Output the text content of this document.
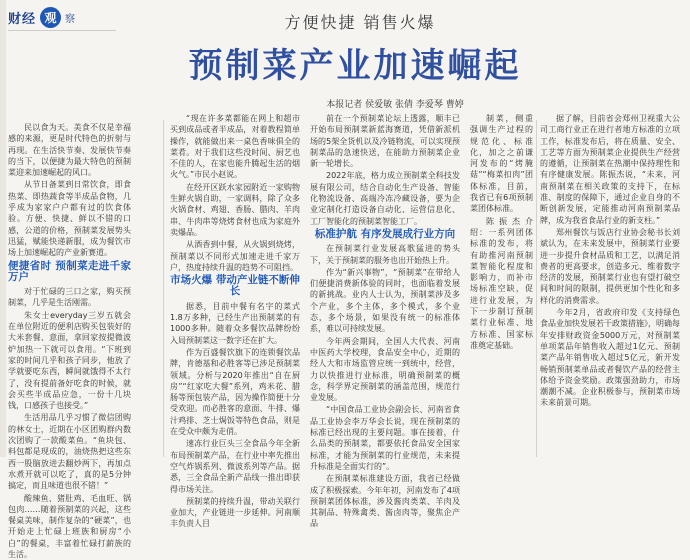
财经 观 察	方便快捷 销售火爆
预制菜产业加速崛起
本报记者 侯爱敏 张倩 李爱琴 曹婷

民以食为天。美食不仅是幸福感的来源，更是时代特色的折射与再现。在生活快节奏、发展快节奏的当下，以便捷为最大特色的预制菜迎来加速崛起的风口。

从节日备菜到日常饮食，即食热菜、即热蔬食等半成品食物，几乎成为家家户户都有过的饮食体验。方便、快捷、鲜以不错的口感，公道的价格，预制菜发展势头迅猛，赋能快递新服，成为餐饮市场上加速崛起的产业新赛道。

便捷省时 预制菜走进千家万户

对于忙碌的三口之家，购买预制菜，几乎是生活刚需。

朱女士everyday三岁五就会在单位附近的便利店购买包装好的大米套餐、意面，拿回家按提微波炉加热一下就可以食用。“下班到家的时间几乎和孩子同步，他放了学就要吃东西，瞬间就饿得不太行了，没有提前备好吃食的时候，就会买些半成品应急，一份十几块钱，口感孩子也接受。”

生活用品几乎习惯了微信团购的林女士，近期在小区团购群内数次团购了一款酸菜鱼。“鱼块包、料包都是现成的，油烧热把这些东西一股脑放进去翻炒两下，再加点水煮开就可以吃了，真的是5分钟搞定，而且味道也很不错！”

酸辣鱼、猪肚鸡、毛血旺、锅包肉……随着预制菜的兴起，这些餐桌美味，制作复杂的“硬菜”，也开始走上忙碌上班族和厨房“小白”的餐桌，丰富着忙碌打薪族的生活。

“现在许多菜都能在网上和超市买到成品或者半成品，对着教程简单操作，就能做出来一桌色香味俱全的菜肴。对于我们这些没时间、厨艺也不佳的人，在家也能升腾起生活的烟火气。”市民小赵说。

在经开区跃水家园附近一家购物生鲜火锅自助，一家调料，除了众多火锅食材、鸡翅、香肠、腊肉、羊肉串、牛肉串等烧烤食材也成为家庭外卖爆品。

从酒香到中餐，从火锅到烧烤，预制菜以不同形式加速走进千家万户，热度持续升温的趋势不可阻挡。

市场火爆 带动产业链不断伸长

据悉，目前中餐有名字的菜式1.8万多种，已经生产出预制菜的有1000多种。随着众多餐饮品牌纷纷入局预制菜这一数字还在扩大。

作为百盛餐饮旗下的连锁餐饮品牌，肯德基和必胜客等已涉足预制菜领域。分析与2020年推出“自在厨房”“红家吃大餐”系列，鸡米花、腊肠等预包装产品，因为操作简便十分受欢迎。而必胜客的意面、牛排、爆汁鸡排、芝士焗饭等特色食品，则是在受众中颇为走俏。

速冻行业巨头三全食品今年全新布局预制菜产品，在行业中率先推出空气炸锅系列、微波系列等产品。据悉，三全食品全新产品线一推出即获得市场关注。

预制菜的持续升温，带动关联行业加大，产业链进一步延伸。河南顺丰负责人目

前在一个预制菜论坛上透露，顺丰已开始布局预制菜新蓝海赛道，凭借新派机场的5架全货机以及冷链物流，可以实现预制菜品的急速快送，在能助力预制菜企业新一轮增长。

2022年底，格力成立预制菜全科技发展有限公司，结合自动化生产设备、智能化物流设备、高端冷冻冷藏设备，要为企业定制化打造设备自动化、运营信息化、工厂智能化的预制菜智能工厂。

标准护航 有序发展成行业方向

在预制菜行业发展高歌猛进的势头下，关于预制菜的服务也出开始热上升。

作为“新兴事物”，“预制菜”在带给人们便捷消费新体验的同时，也面临着发展的新挑战。业内人士认为，预制菜涉及多个产业，多个主体，多个模式，多个业态，多个场景，如果没有统一的标准体系，难以可持续发展。

今年两会期间，全国人大代表、河南中医药大学校理，食品安全中心，近期的经人大和市场监管应统一到统中，经营，力以快推进行业标准，明确预制菜的概念，科学界定预制菜的涵盖范围，规范行业发展。

“中国食品工业协会副会长、河南省食品工业协会李万华会长说，现在预制菜的标准已经出现的主要问题。事在接着，什么品类的预制菜，都要依托食品安全国家标准，才能为预制菜的行业规范，未来提升标准是全面实行的”。

在预制菜标准建设方面，我省已经做成了积极探索。今年年初，河南发布了4项预制菜团体标准，涉及酱肉类菜、羊肉及其制品、特殊禽类、酱卤肉等，聚焦企产品

制菜，侧重强调生产过程的规范化、标准化，加之之前谦河发布的“烤腌菇”“梅菜扣肉”团体标准，目前，我省已有6项预制菜团体标准。

陈振杰介绍：一系列团体标准的发布，将有助推河南预制菜智能化程度和影响力，而补市场标准空缺，促进行业发展，为下一步制订预制菜行业标准、地方标准、国家标准奠定基础。

据了解，目前省会郑州卫视重大公司工商行业正在进行者地方标准的立项工作，标准发布后，将在质量、安全、工艺等方面为预制菜企业提供生产经营的遵循，让预制菜在热潮中保持理性和有序健康发展。陈振杰说，“未来，河南预制菜在相关政策的支持下，在标准、制度的保障下，通过企业自身的不断创新发展，定能推动河南预制菜品牌，成为我省食品行业的新支柱。”

郑州餐饮与饭店行业协会秘书长刘斌认为，在未来发展中，预制菜行业要进一步提升食材品质和工艺，以满足消费者的更高要求，创造多元、维着数字经济的发展，预制菜行业也有望打破空间和时间的限制，提供更加个性化和多样化的消费需求。

今年2月，省政府印发《支持绿色食品业加快发展若干政策措施》，明确每年安排财政资金5000万元，对预制菜单项菜品年销售收入超过1亿元、预制菜产品年销售收入超过5亿元，新开发畅销预制菜单品或者餐饮产品的经营主体给予资金奖励。政策强劲助力，市场潮潮不减。企业积极参与，预制菜市场未来前景可期。
